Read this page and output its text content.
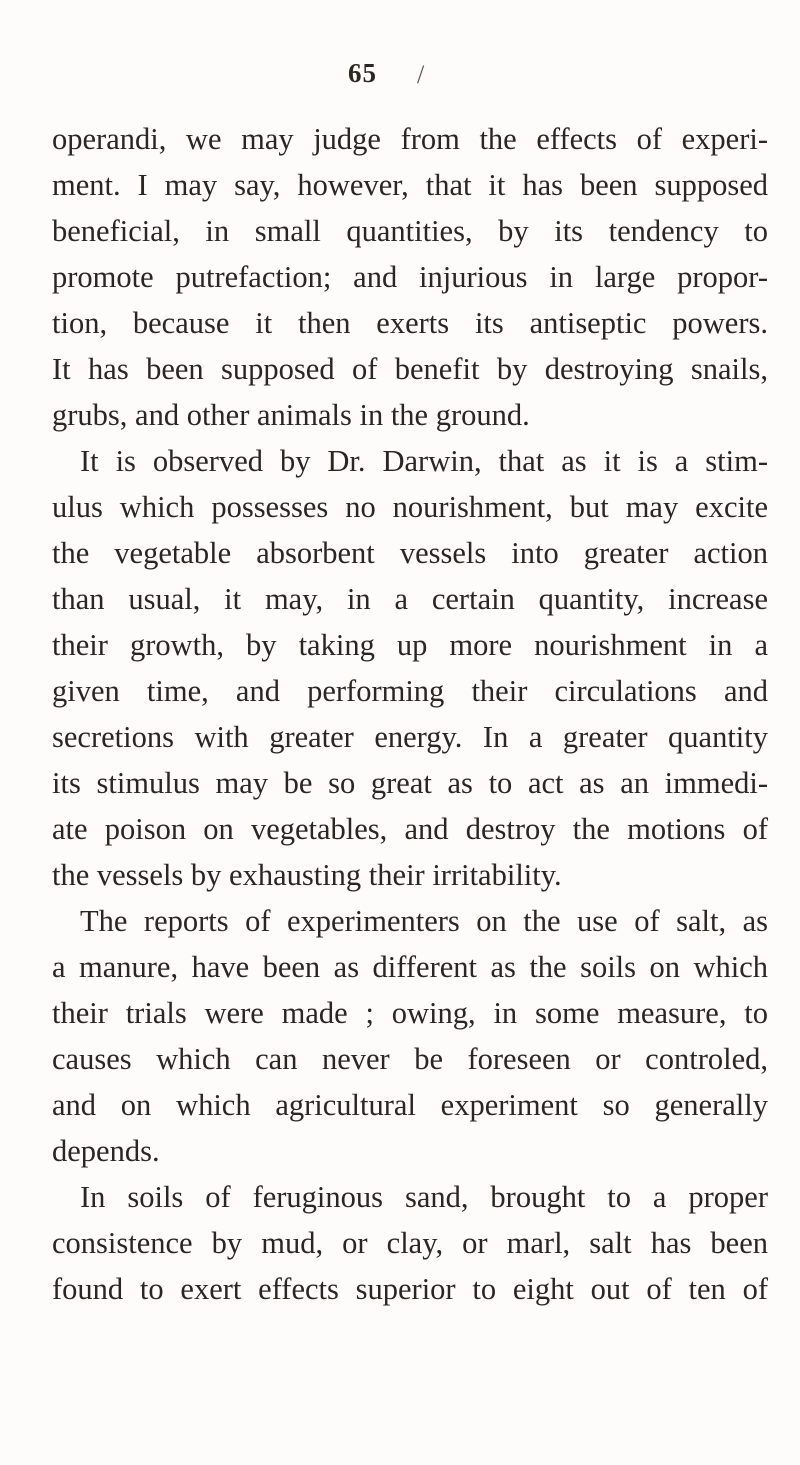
65 /
operandi, we may judge from the effects of experi-
ment. I may say, however, that it has been supposed
beneficial, in small quantities, by its tendency to
promote putrefaction; and injurious in large propor-
tion, because it then exerts its antiseptic powers.
It has been supposed of benefit by destroying snails,
grubs, and other animals in the ground.
It is observed by Dr. Darwin, that as it is a stim-
ulus which possesses no nourishment, but may excite
the vegetable absorbent vessels into greater action
than usual, it may, in a certain quantity, increase
their growth, by taking up more nourishment in a
given time, and performing their circulations and
secretions with greater energy. In a greater quantity
its stimulus may be so great as to act as an immedi-
ate poison on vegetables, and destroy the motions of
the vessels by exhausting their irritability.
The reports of experimenters on the use of salt, as
a manure, have been as different as the soils on which
their trials were made ; owing, in some measure, to
causes which can never be foreseen or controled,
and on which agricultural experiment so generally
depends.
In soils of feruginous sand, brought to a proper
consistence by mud, or clay, or marl, salt has been
found to exert effects superior to eight out of ten of
